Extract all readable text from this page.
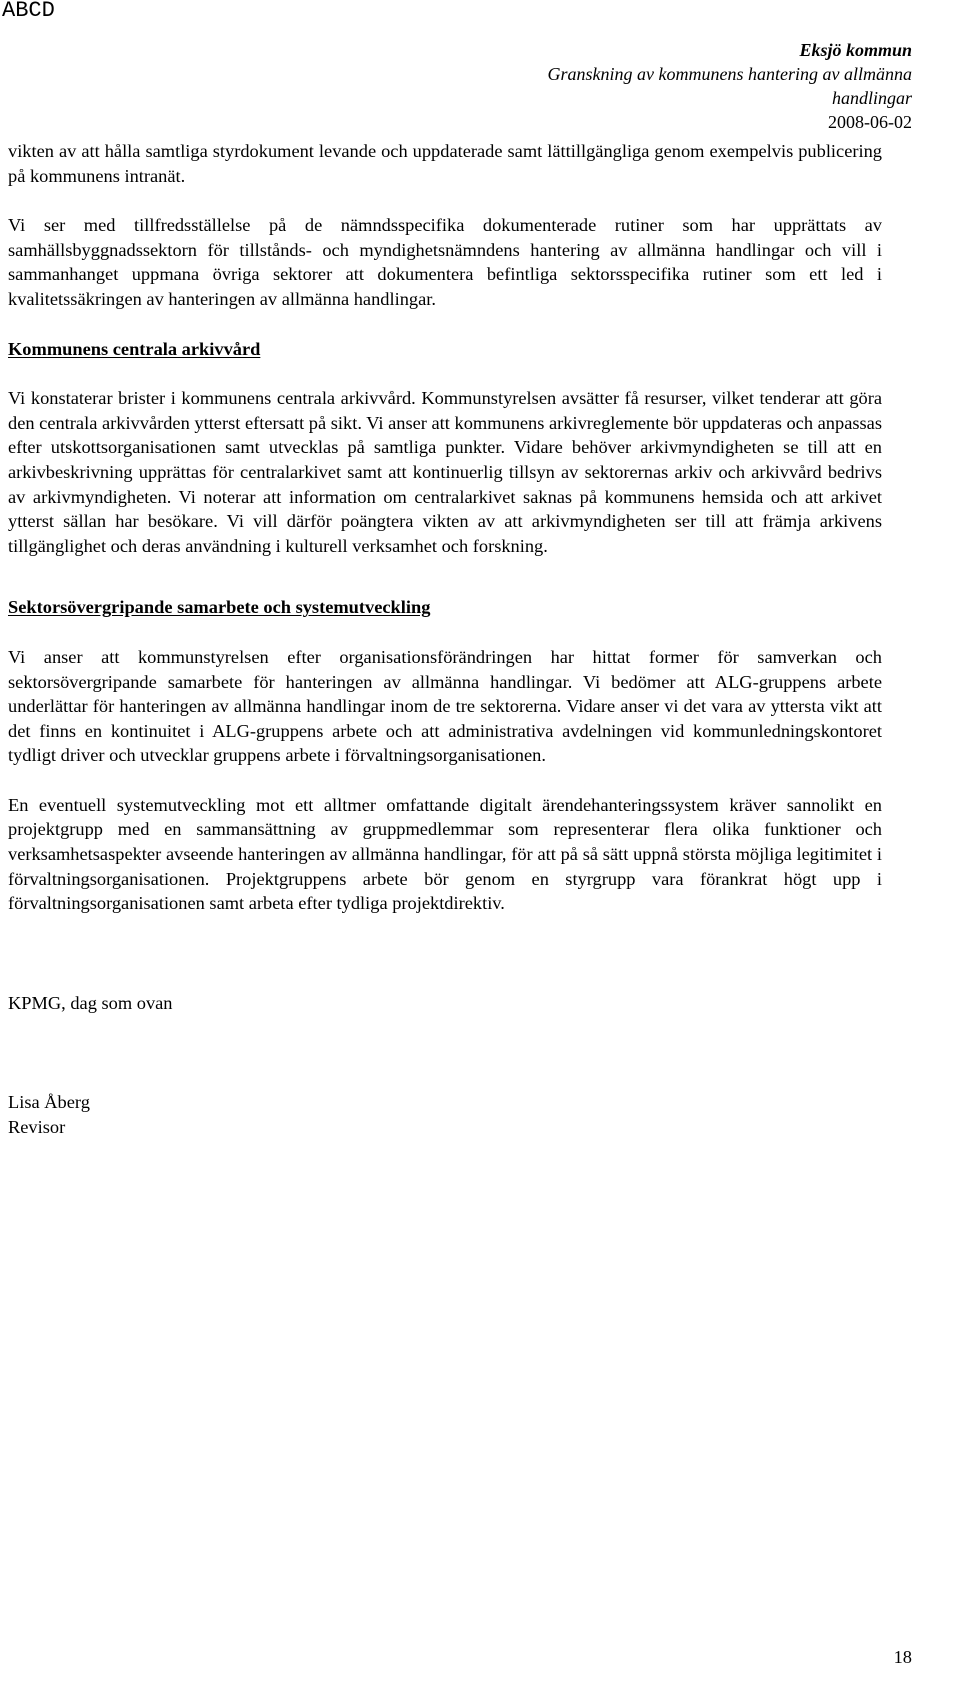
ABCD
Eksjö kommun
Granskning av kommunens hantering av allmänna handlingar
2008-06-02

vikten av att hålla samtliga styrdokument levande och uppdaterade samt lättillgängliga genom exempelvis publicering på kommunens intranät.

Vi ser med tillfredsställelse på de nämndsspecifika dokumenterade rutiner som har upprättats av samhällsbyggnadssektorn för tillstånds- och myndighetsnämndens hantering av allmänna handlingar och vill i sammanhanget uppmana övriga sektorer att dokumentera befintliga sektorsspecifika rutiner som ett led i kvalitetssäkringen av hanteringen av allmänna handlingar.

Kommunens centrala arkivvård

Vi konstaterar brister i kommunens centrala arkivvård. Kommunstyrelsen avsätter få resurser, vilket tenderar att göra den centrala arkivvården ytterst eftersatt på sikt. Vi anser att kommunens arkivreglemente bör uppdateras och anpassas efter utskottsorganisationen samt utvecklas på samtliga punkter. Vidare behöver arkivmyndigheten se till att en arkivbeskrivning upprättas för centralarkivet samt att kontinuerlig tillsyn av sektorernas arkiv och arkivvård bedrivs av arkivmyndigheten. Vi noterar att information om centralarkivet saknas på kommunens hemsida och att arkivet ytterst sällan har besökare. Vi vill därför poängtera vikten av att arkivmyndigheten ser till att främja arkivens tillgänglighet och deras användning i kulturell verksamhet och forskning.

Sektorsövergripande samarbete och systemutveckling

Vi anser att kommunstyrelsen efter organisationsförändringen har hittat former för samverkan och sektorsövergripande samarbete för hanteringen av allmänna handlingar. Vi bedömer att ALG-gruppens arbete underlättar för hanteringen av allmänna handlingar inom de tre sektorerna. Vidare anser vi det vara av yttersta vikt att det finns en kontinuitet i ALG-gruppens arbete och att administrativa avdelningen vid kommunledningskontoret tydligt driver och utvecklar gruppens arbete i förvaltningsorganisationen.

En eventuell systemutveckling mot ett alltmer omfattande digitalt ärendehanteringssystem kräver sannolikt en projektgrupp med en sammansättning av gruppmedlemmar som representerar flera olika funktioner och verksamhetsaspekter avseende hanteringen av allmänna handlingar, för att på så sätt uppnå största möjliga legitimitet i förvaltningsorganisationen. Projektgruppens arbete bör genom en styrgrupp vara förankrat högt upp i förvaltningsorganisationen samt arbeta efter tydliga projektdirektiv.

KPMG, dag som ovan

Lisa Åberg

Revisor

18
